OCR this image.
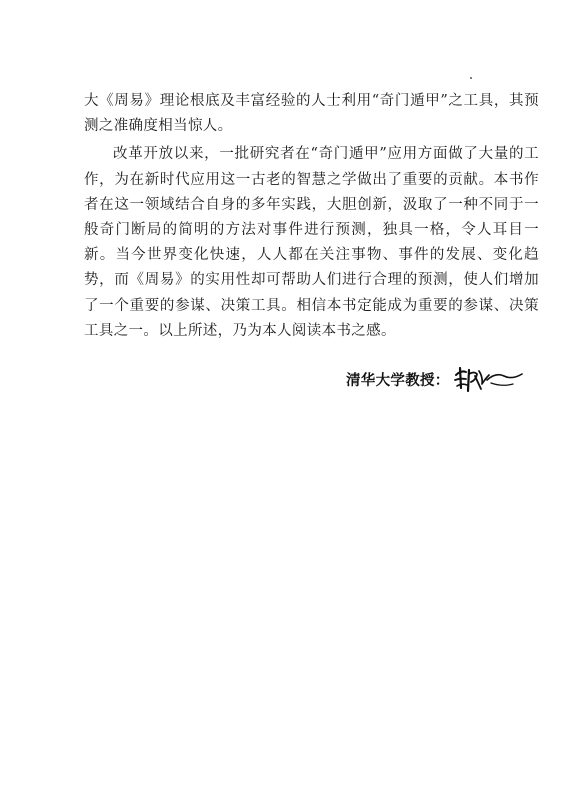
大《周易》理论根底及丰富经验的人士利用“奇门遁甲”之工具，其预测之准确度相当惊人。

改革开放以来，一批研究者在“奇门遁甲”应用方面做了大量的工作，为在新时代应用这一古老的智慧之学做出了重要的贡献。本书作者在这一领域结合自身的多年实践，大胆创新，汲取了一种不同于一般奇门断局的简明的方法对事件进行预测，独具一格，令人耳目一新。当今世界变化快速，人人都在关注事物、事件的发展、变化趋势，而《周易》的实用性却可帮助人们进行合理的预测，使人们增加了一个重要的参谋、决策工具。相信本书定能成为重要的参谋、决策工具之一。以上所述，乃为本人阅读本书之感。

清华大学教授：
